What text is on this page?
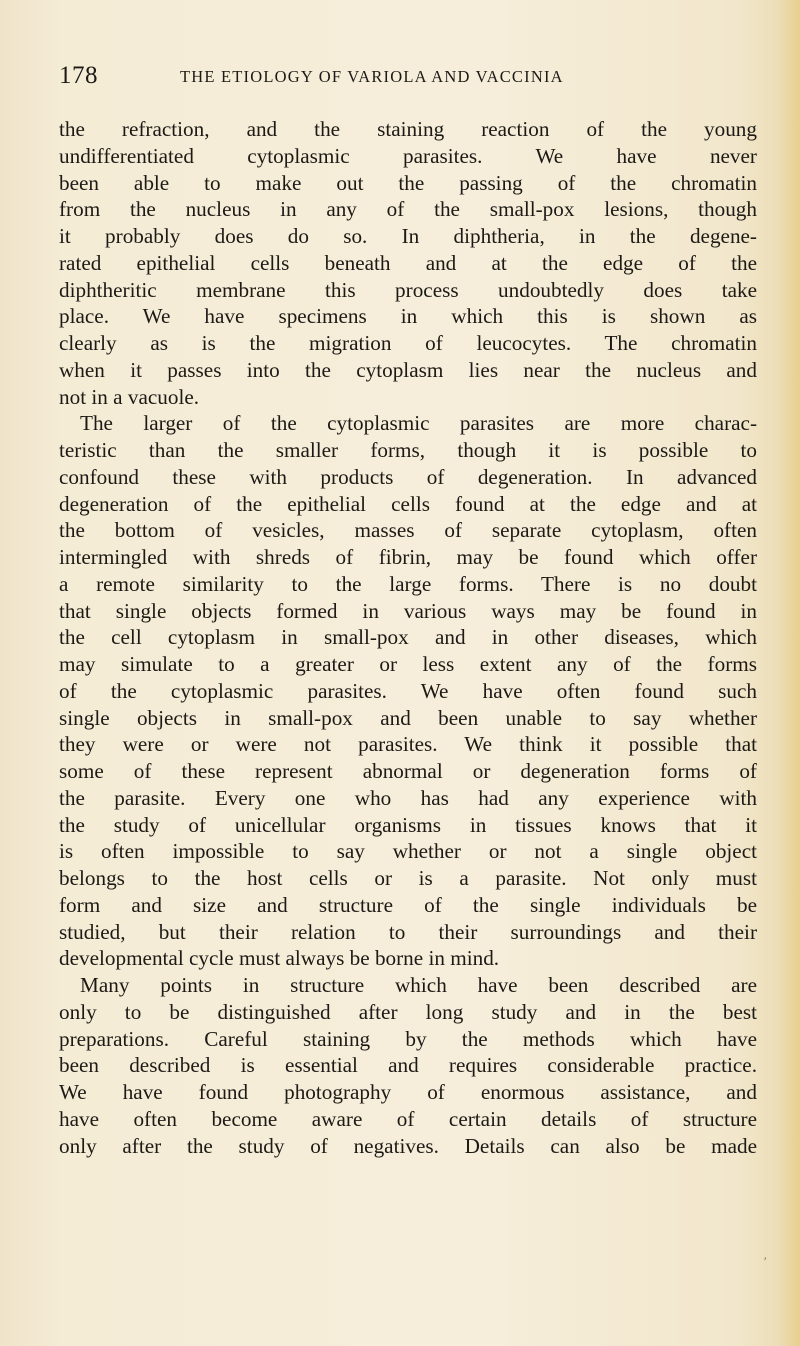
178	THE ETIOLOGY OF VARIOLA AND VACCINIA
the refraction, and the staining reaction of the young
undifferentiated cytoplasmic parasites. We have never
been able to make out the passing of the chromatin
from the nucleus in any of the small-pox lesions, though
it probably does do so. In diphtheria, in the degene-
rated epithelial cells beneath and at the edge of the
diphtheritic membrane this process undoubtedly does take
place. We have specimens in which this is shown as
clearly as is the migration of leucocytes. The chromatin
when it passes into the cytoplasm lies near the nucleus and
not in a vacuole.
The larger of the cytoplasmic parasites are more charac-
teristic than the smaller forms, though it is possible to
confound these with products of degeneration. In advanced
degeneration of the epithelial cells found at the edge and at
the bottom of vesicles, masses of separate cytoplasm, often
intermingled with shreds of fibrin, may be found which offer
a remote similarity to the large forms. There is no doubt
that single objects formed in various ways may be found in
the cell cytoplasm in small-pox and in other diseases, which
may simulate to a greater or less extent any of the forms
of the cytoplasmic parasites. We have often found such
single objects in small-pox and been unable to say whether
they were or were not parasites. We think it possible that
some of these represent abnormal or degeneration forms of
the parasite. Every one who has had any experience with
the study of unicellular organisms in tissues knows that it
is often impossible to say whether or not a single object
belongs to the host cells or is a parasite. Not only must
form and size and structure of the single individuals be
studied, but their relation to their surroundings and their
developmental cycle must always be borne in mind.
Many points in structure which have been described are
only to be distinguished after long study and in the best
preparations. Careful staining by the methods which have
been described is essential and requires considerable practice.
We have found photography of enormous assistance, and
have often become aware of certain details of structure
only after the study of negatives. Details can also be made
′
